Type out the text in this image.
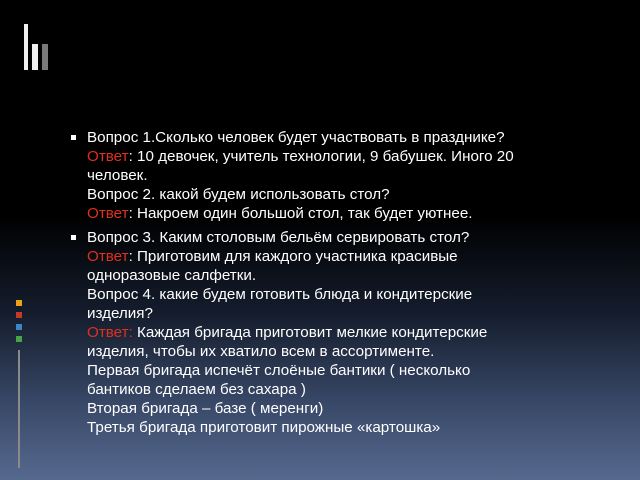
Вопрос 1.Сколько человек будет участвовать в празднике?
Ответ: 10 девочек, учитель технологии, 9 бабушек. Иного 20
человек.
Вопрос 2. какой будем использовать стол?
Ответ: Накроем один большой стол, так будет уютнее.
Вопрос 3. Каким столовым бельём сервировать стол?
Ответ: Приготовим для каждого участника красивые
одноразовые салфетки.
Вопрос 4. какие будем готовить блюда и кондитерские
изделия?
Ответ: Каждая бригада приготовит мелкие кондитерские
изделия, чтобы их хватило всем в ассортименте.
Первая бригада испечёт слоёные бантики ( несколько
бантиков сделаем без сахара )
Вторая бригада – базе ( меренги)
Третья бригада приготовит пирожные «картошка»
